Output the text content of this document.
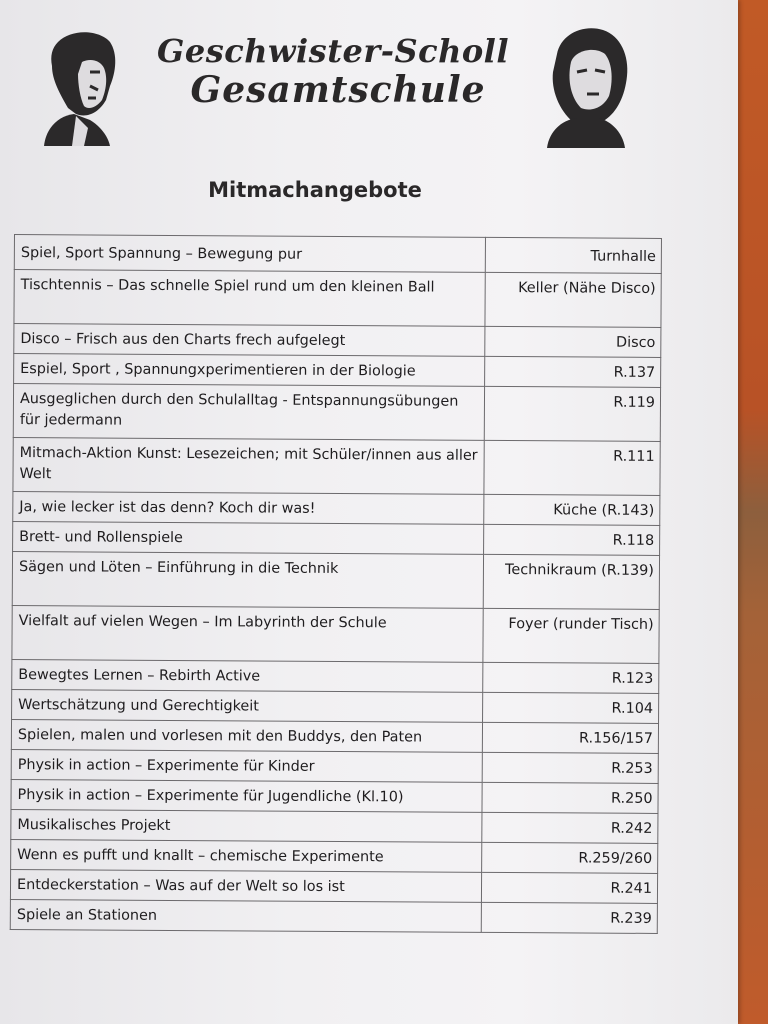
Geschwister-Scholl
Gesamtschule
Mitmachangebote
Spiel, Sport Spannung – Bewegung pur	Turnhalle
Tischtennis – Das schnelle Spiel rund um den kleinen Ball	Keller (Nähe Disco)
Disco – Frisch aus den Charts frech aufgelegt	Disco
Espiel, Sport , Spannungxperimentieren in der Biologie	R.137
Ausgeglichen durch den Schulalltag - Entspannungsübungen für jedermann	R.119
Mitmach-Aktion Kunst: Lesezeichen; mit Schüler/innen aus aller Welt	R.111
Ja, wie lecker ist das denn? Koch dir was!	Küche (R.143)
Brett- und Rollenspiele	R.118
Sägen und Löten – Einführung in die Technik	Technikraum (R.139)
Vielfalt auf vielen Wegen – Im Labyrinth der Schule	Foyer (runder Tisch)
Bewegtes Lernen – Rebirth Active	R.123
Wertschätzung und Gerechtigkeit	R.104
Spielen, malen und vorlesen mit den Buddys, den Paten	R.156/157
Physik in action – Experimente für Kinder	R.253
Physik in action – Experimente für Jugendliche (Kl.10)	R.250
Musikalisches Projekt	R.242
Wenn es pufft und knallt – chemische Experimente	R.259/260
Entdeckerstation – Was auf der Welt so los ist	R.241
Spiele an Stationen	R.239
